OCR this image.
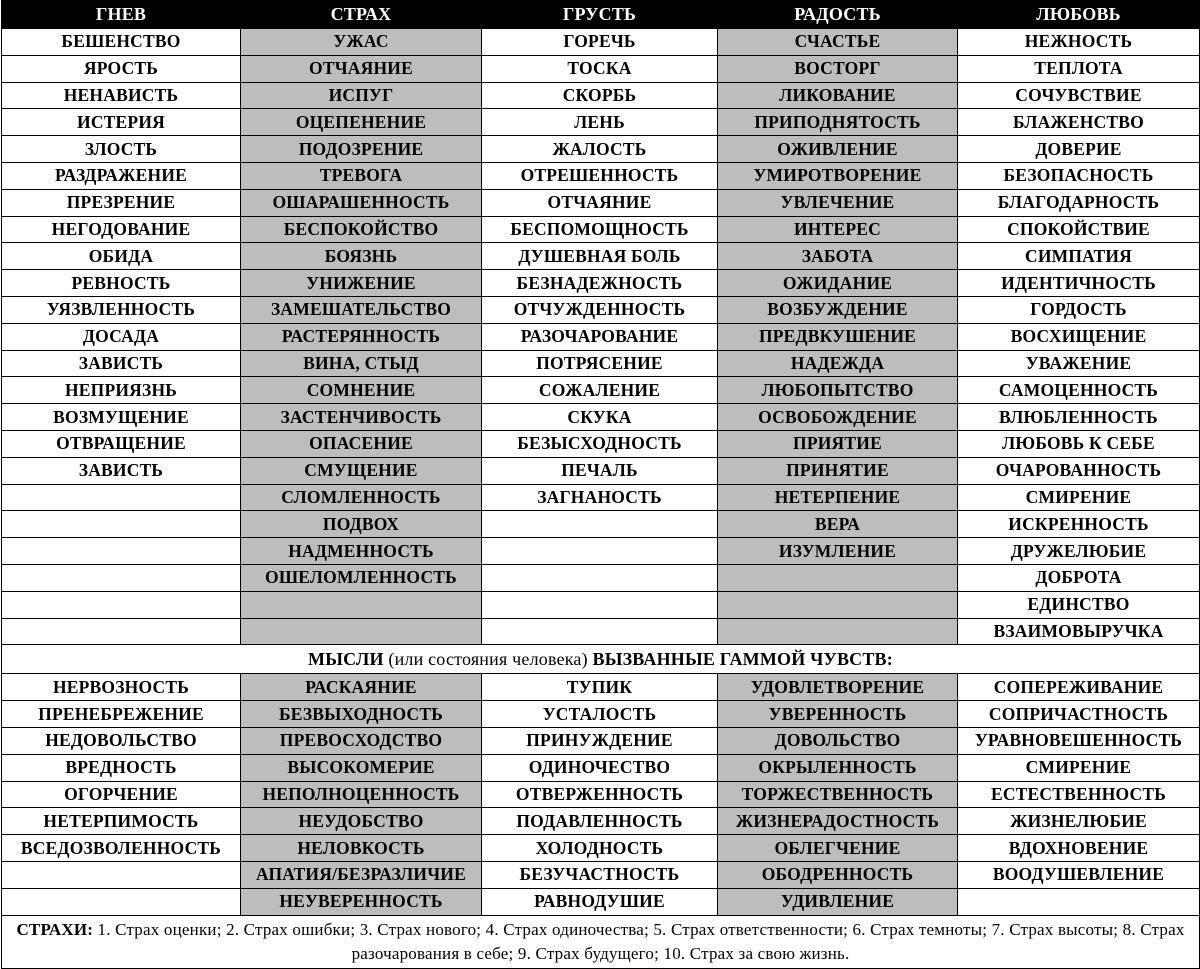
ГНЕВ	СТРАХ	ГРУСТЬ	РАДОСТЬ	ЛЮБОВЬ
БЕШЕНСТВО	УЖАС	ГОРЕЧЬ	СЧАСТЬЕ	НЕЖНОСТЬ
ЯРОСТЬ	ОТЧАЯНИЕ	ТОСКА	ВОСТОРГ	ТЕПЛОТА
НЕНАВИСТЬ	ИСПУГ	СКОРБЬ	ЛИКОВАНИЕ	СОЧУВСТВИЕ
ИСТЕРИЯ	ОЦЕПЕНЕНИЕ	ЛЕНЬ	ПРИПОДНЯТОСТЬ	БЛАЖЕНСТВО
ЗЛОСТЬ	ПОДОЗРЕНИЕ	ЖАЛОСТЬ	ОЖИВЛЕНИЕ	ДОВЕРИЕ
РАЗДРАЖЕНИЕ	ТРЕВОГА	ОТРЕШЕННОСТЬ	УМИРОТВОРЕНИЕ	БЕЗОПАСНОСТЬ
ПРЕЗРЕНИЕ	ОШАРАШЕННОСТЬ	ОТЧАЯНИЕ	УВЛЕЧЕНИЕ	БЛАГОДАРНОСТЬ
НЕГОДОВАНИЕ	БЕСПОКОЙСТВО	БЕСПОМОЩНОСТЬ	ИНТЕРЕС	СПОКОЙСТВИЕ
ОБИДА	БОЯЗНЬ	ДУШЕВНАЯ БОЛЬ	ЗАБОТА	СИМПАТИЯ
РЕВНОСТЬ	УНИЖЕНИЕ	БЕЗНАДЕЖНОСТЬ	ОЖИДАНИЕ	ИДЕНТИЧНОСТЬ
УЯЗВЛЕННОСТЬ	ЗАМЕШАТЕЛЬСТВО	ОТЧУЖДЕННОСТЬ	ВОЗБУЖДЕНИЕ	ГОРДОСТЬ
ДОСАДА	РАСТЕРЯННОСТЬ	РАЗОЧАРОВАНИЕ	ПРЕДВКУШЕНИЕ	ВОСХИЩЕНИЕ
ЗАВИСТЬ	ВИНА, СТЫД	ПОТРЯСЕНИЕ	НАДЕЖДА	УВАЖЕНИЕ
НЕПРИЯЗНЬ	СОМНЕНИЕ	СОЖАЛЕНИЕ	ЛЮБОПЫТСТВО	САМОЦЕННОСТЬ
ВОЗМУЩЕНИЕ	ЗАСТЕНЧИВОСТЬ	СКУКА	ОСВОБОЖДЕНИЕ	ВЛЮБЛЕННОСТЬ
ОТВРАЩЕНИЕ	ОПАСЕНИЕ	БЕЗЫСХОДНОСТЬ	ПРИЯТИЕ	ЛЮБОВЬ К СЕБЕ
ЗАВИСТЬ	СМУЩЕНИЕ	ПЕЧАЛЬ	ПРИНЯТИЕ	ОЧАРОВАННОСТЬ
	СЛОМЛЕННОСТЬ	ЗАГНАНОСТЬ	НЕТЕРПЕНИЕ	СМИРЕНИЕ
	ПОДВОХ		ВЕРА	ИСКРЕННОСТЬ
	НАДМЕННОСТЬ		ИЗУМЛЕНИЕ	ДРУЖЕЛЮБИЕ
	ОШЕЛОМЛЕННОСТЬ			ДОБРОТА
				ЕДИНСТВО
				ВЗАИМОВЫРУЧКА
МЫСЛИ (или состояния человека) ВЫЗВАННЫЕ ГАММОЙ ЧУВСТВ:				
НЕРВОЗНОСТЬ	РАСКАЯНИЕ	ТУПИК	УДОВЛЕТВОРЕНИЕ	СОПЕРЕЖИВАНИЕ
ПРЕНЕБРЕЖЕНИЕ	БЕЗВЫХОДНОСТЬ	УСТАЛОСТЬ	УВЕРЕННОСТЬ	СОПРИЧАСТНОСТЬ
НЕДОВОЛЬСТВО	ПРЕВОСХОДСТВО	ПРИНУЖДЕНИЕ	ДОВОЛЬСТВО	УРАВНОВЕШЕННОСТЬ
ВРЕДНОСТЬ	ВЫСОКОМЕРИЕ	ОДИНОЧЕСТВО	ОКРЫЛЕННОСТЬ	СМИРЕНИЕ
ОГОРЧЕНИЕ	НЕПОЛНОЦЕННОСТЬ	ОТВЕРЖЕННОСТЬ	ТОРЖЕСТВЕННОСТЬ	ЕСТЕСТВЕННОСТЬ
НЕТЕРПИМОСТЬ	НЕУДОБСТВО	ПОДАВЛЕННОСТЬ	ЖИЗНЕРАДОСТНОСТЬ	ЖИЗНЕЛЮБИЕ
ВСЕДОЗВОЛЕННОСТЬ	НЕЛОВКОСТЬ	ХОЛОДНОСТЬ	ОБЛЕГЧЕНИЕ	ВДОХНОВЕНИЕ
	АПАТИЯ/БЕЗРАЗЛИЧИЕ	БЕЗУЧАСТНОСТЬ	ОБОДРЕННОСТЬ	ВООДУШЕВЛЕНИЕ
	НЕУВЕРЕННОСТЬ	РАВНОДУШИЕ	УДИВЛЕНИЕ	
СТРАХИ: 1. Страх оценки; 2. Страх ошибки; 3. Страх нового; 4. Страх одиночества; 5. Страх ответственности; 6. Страх темноты; 7. Страх высоты; 8. Страх разочарования в себе; 9. Страх будущего; 10. Страх за свою жизнь.				
